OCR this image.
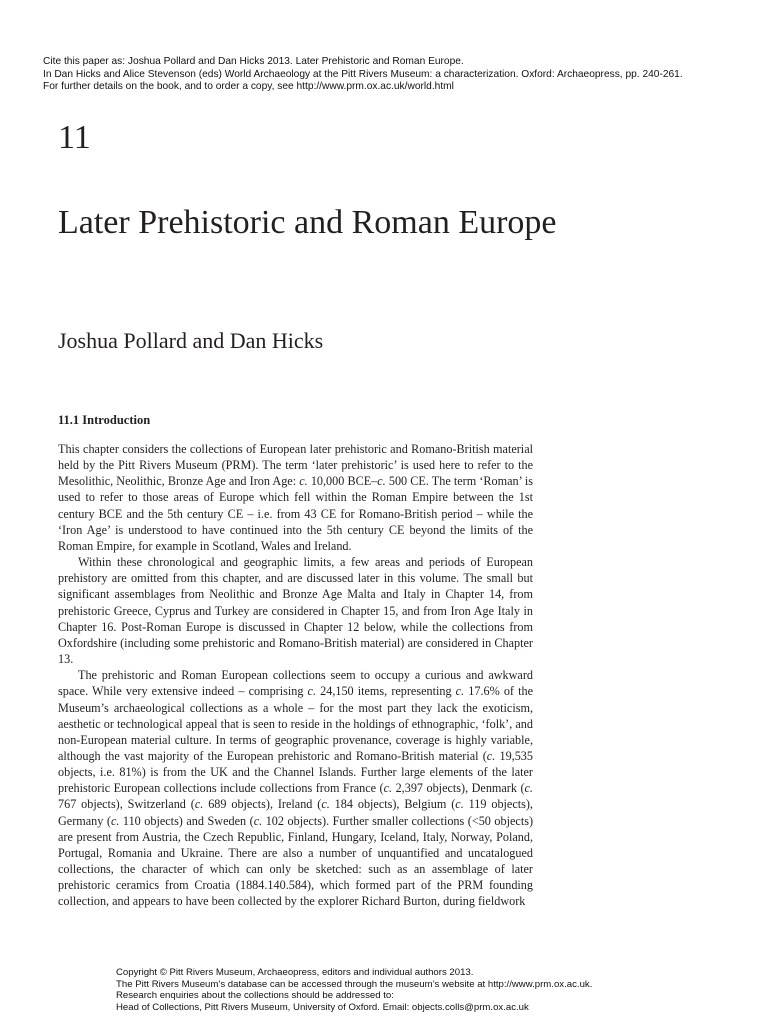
Cite this paper as: Joshua Pollard and Dan Hicks 2013. Later Prehistoric and Roman Europe.
In Dan Hicks and Alice Stevenson (eds) World Archaeology at the Pitt Rivers Museum: a characterization. Oxford: Archaeopress, pp. 240-261.
For further details on the book, and to order a copy, see http://www.prm.ox.ac.uk/world.html
11
Later Prehistoric and Roman Europe
Joshua Pollard and Dan Hicks
11.1 Introduction

This chapter considers the collections of European later prehistoric and Romano-British material held by the Pitt Rivers Museum (PRM). The term ‘later prehistoric’ is used here to refer to the Mesolithic, Neolithic, Bronze Age and Iron Age: c. 10,000 BCE–c. 500 CE. The term ‘Roman’ is used to refer to those areas of Europe which fell within the Roman Empire between the 1st century BCE and the 5th century CE – i.e. from 43 CE for Romano-British period – while the ‘Iron Age’ is understood to have continued into the 5th century CE beyond the limits of the Roman Empire, for example in Scotland, Wales and Ireland.

Within these chronological and geographic limits, a few areas and periods of European prehistory are omitted from this chapter, and are discussed later in this volume. The small but significant assemblages from Neolithic and Bronze Age Malta and Italy in Chapter 14, from prehistoric Greece, Cyprus and Turkey are considered in Chapter 15, and from Iron Age Italy in Chapter 16. Post-Roman Europe is discussed in Chapter 12 below, while the collections from Oxfordshire (including some prehistoric and Romano-British material) are considered in Chapter 13.

The prehistoric and Roman European collections seem to occupy a curious and awkward space. While very extensive indeed – comprising c. 24,150 items, representing c. 17.6% of the Museum’s archaeological collections as a whole – for the most part they lack the exoticism, aesthetic or technological appeal that is seen to reside in the holdings of ethnographic, ‘folk’, and non-European material culture. In terms of geographic provenance, coverage is highly variable, although the vast majority of the European prehistoric and Romano-British material (c. 19,535 objects, i.e. 81%) is from the UK and the Channel Islands. Further large elements of the later prehistoric European collections include collections from France (c. 2,397 objects), Denmark (c. 767 objects), Switzerland (c. 689 objects), Ireland (c. 184 objects), Belgium (c. 119 objects), Germany (c. 110 objects) and Sweden (c. 102 objects). Further smaller collections (<50 objects) are present from Austria, the Czech Republic, Finland, Hungary, Iceland, Italy, Norway, Poland, Portugal, Romania and Ukraine. There are also a number of unquantified and uncatalogued collections, the character of which can only be sketched: such as an assemblage of later prehistoric ceramics from Croatia (1884.140.584), which formed part of the PRM founding collection, and appears to have been collected by the explorer Richard Burton, during fieldwork

Copyright © Pitt Rivers Museum, Archaeopress, editors and individual authors 2013.
The Pitt Rivers Museum’s database can be accessed through the museum’s website at http://www.prm.ox.ac.uk.
Research enquiries about the collections should be addressed to:
Head of Collections, Pitt Rivers Museum, University of Oxford. Email: objects.colls@prm.ox.ac.uk
